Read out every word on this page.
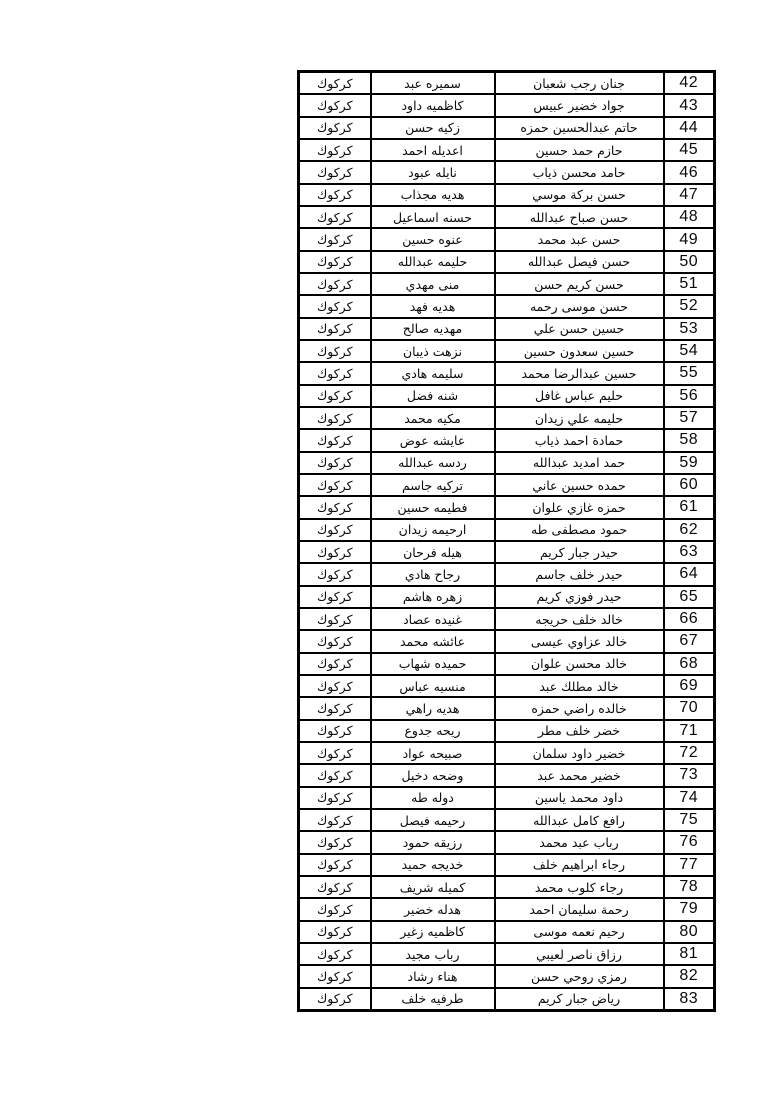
42	جنان رجب شعبان	سميره عبد	كركوك
43	جواد خضير عبيس	كاظميه داود	كركوك
44	حاتم عبدالحسين حمزه	زكيه حسن	كركوك
45	حازم حمد حسين	اعديله احمد	كركوك
46	حامد محسن ذياب	نايله عبود	كركوك
47	حسن بركة موسي	هديه مجذاب	كركوك
48	حسن صباح عبدالله	حسنه اسماعيل	كركوك
49	حسن عبد محمد	عنوه حسين	كركوك
50	حسن فيصل عبدالله	حليمه عبدالله	كركوك
51	حسن كريم حسن	منى مهدي	كركوك
52	حسن موسى رحمه	هديه فهد	كركوك
53	حسين حسن علي	مهديه صالح	كركوك
54	حسين سعدون حسين	نزهت ذيبان	كركوك
55	حسين عبدالرضا محمد	سليمه هادي	كركوك
56	حليم عباس غافل	شنه فضل	كركوك
57	حليمه علي زيدان	مكيه محمد	كركوك
58	حمادة احمد ذياب	عايشه عوض	كركوك
59	حمد امديد عبدالله	ردسه عبدالله	كركوك
60	حمده حسين عاني	تركيه جاسم	كركوك
61	حمزه غازي علوان	فطيمه حسين	كركوك
62	حمود مصطفى طه	ارحيمه زيدان	كركوك
63	حيدر جبار كريم	هيله فرحان	كركوك
64	حيدر خلف جاسم	رجاح هادي	كركوك
65	حيدر فوزي كريم	زهره هاشم	كركوك
66	خالد خلف حريجه	غنيده عصاد	كركوك
67	خالد عزاوي عيسى	عائشه محمد	كركوك
68	خالد محسن علوان	حميده شهاب	كركوك
69	خالد مطلك عبد	منسيه عباس	كركوك
70	خالده راضي حمزه	هديه راهي	كركوك
71	خضر خلف مطر	ريحه جدوع	كركوك
72	خضير داود سلمان	صبيحه عواد	كركوك
73	خضير محمد عبد	وضحه دخيل	كركوك
74	داود محمد ياسين	دوله طه	كركوك
75	رافع كامل عبدالله	رحيمه فيصل	كركوك
76	رباب عبد محمد	رزيقه حمود	كركوك
77	رجاء ابراهيم خلف	خديجه حميد	كركوك
78	رجاء كلوب محمد	كميله شريف	كركوك
79	رحمة سليمان احمد	هدله خضير	كركوك
80	رحيم نعمه موسى	كاظميه زغير	كركوك
81	رزاق ناصر لعيبي	رباب مجيد	كركوك
82	رمزي روحي حسن	هناء رشاد	كركوك
83	رياض جبار كريم	طرفيه خلف	كركوك
